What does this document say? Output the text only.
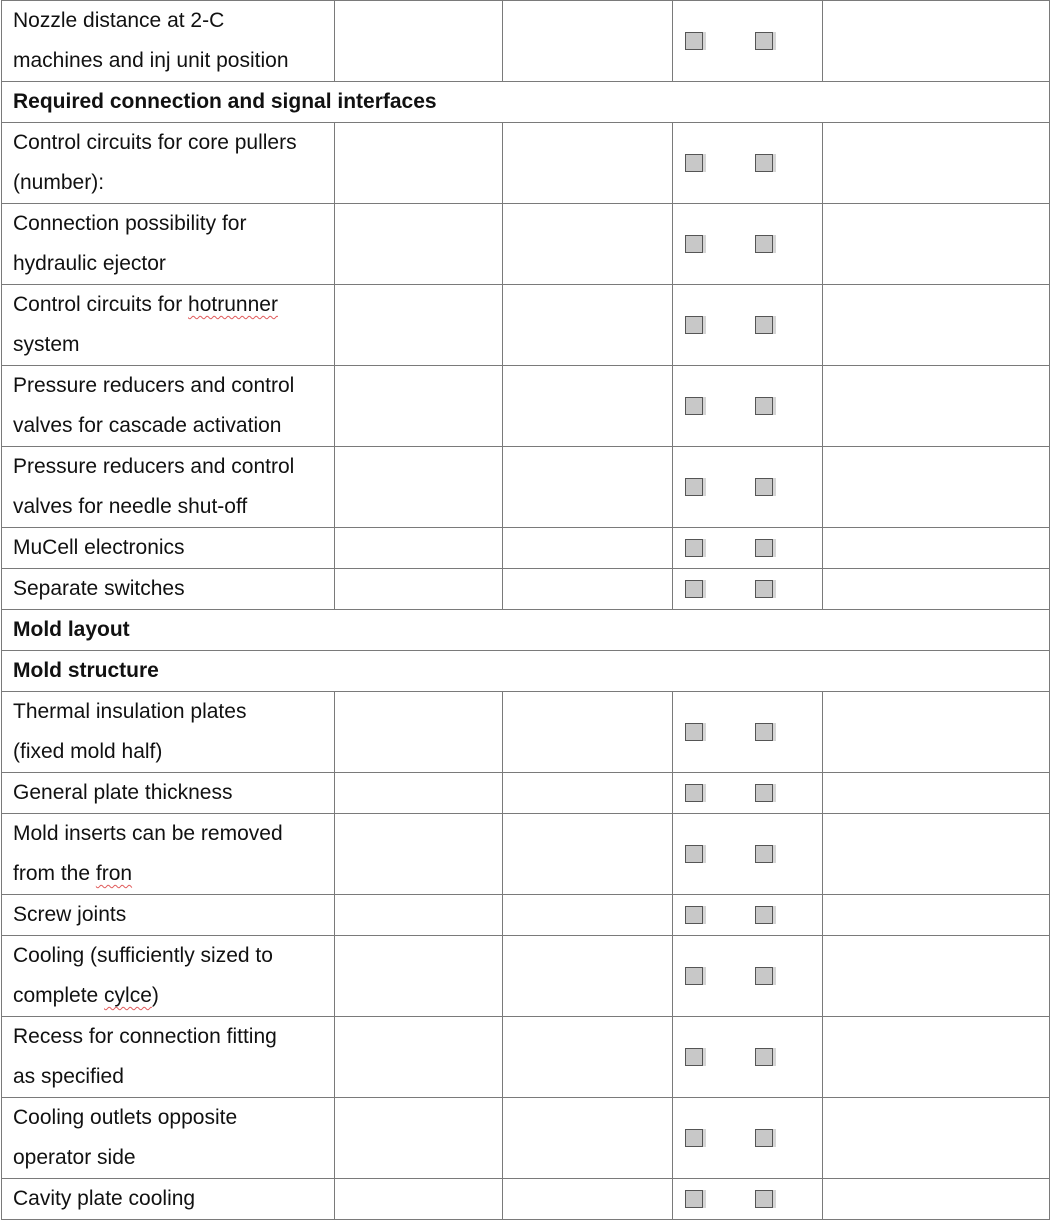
Nozzle distance at 2-C
machines and inj unit position				

Required connection and signal interfaces				

Control circuits for core pullers
(number):				

Connection possibility for
hydraulic ejector				

Control circuits for hotrunner
system				

Pressure reducers and control
valves for cascade activation				

Pressure reducers and control
valves for needle shut-off				

MuCell electronics				

Separate switches				

Mold layout				
Mold structure				

Thermal insulation plates
(fixed mold half)				

General plate thickness				

Mold inserts can be removed
from the fron				

Screw joints				

Cooling (sufficiently sized to
complete cylce)				

Recess for connection fitting
as specified				

Cooling outlets opposite
operator side				

Cavity plate cooling				
